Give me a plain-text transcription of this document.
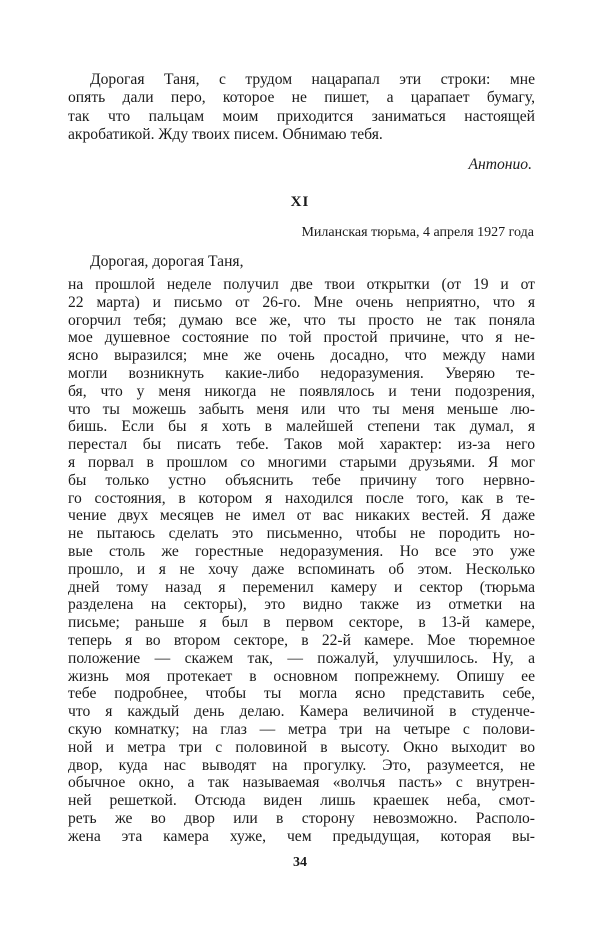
Дорогая Таня, с трудом нацарапал эти строки: мне
опять дали перо, которое не пишет, а царапает бумагу,
так что пальцам моим приходится заниматься настоящей
акробатикой. Жду твоих писем. Обнимаю тебя.
Антонио.
XI
Миланская тюрьма, 4 апреля 1927 года
Дорогая, дорогая Таня,
на прошлой неделе получил две твои открытки (от 19 и от
22 марта) и письмо от 26-го. Мне очень неприятно, что я
огорчил тебя; думаю все же, что ты просто не так поняла
мое душевное состояние по той простой причине, что я не-
ясно выразился; мне же очень досадно, что между нами
могли возникнуть какие-либо недоразумения. Уверяю те-
бя, что у меня никогда не появлялось и тени подозрения,
что ты можешь забыть меня или что ты меня меньше лю-
бишь. Если бы я хоть в малейшей степени так думал, я
перестал бы писать тебе. Таков мой характер: из-за него
я порвал в прошлом со многими старыми друзьями. Я мог
бы только устно объяснить тебе причину того нервно-
го состояния, в котором я находился после того, как в те-
чение двух месяцев не имел от вас никаких вестей. Я даже
не пытаюсь сделать это письменно, чтобы не породить но-
вые столь же горестные недоразумения. Но все это уже
прошло, и я не хочу даже вспоминать об этом. Несколько
дней тому назад я переменил камеру и сектор (тюрьма
разделена на секторы), это видно также из отметки на
письме; раньше я был в первом секторе, в 13-й камере,
теперь я во втором секторе, в 22-й камере. Мое тюремное
положение — скажем так, — пожалуй, улучшилось. Ну, а
жизнь моя протекает в основном попрежнему. Опишу ее
тебе подробнее, чтобы ты могла ясно представить себе,
что я каждый день делаю. Камера величиной в студенче-
скую комнатку; на глаз — метра три на четыре с полови-
ной и метра три с половиной в высоту. Окно выходит во
двор, куда нас выводят на прогулку. Это, разумеется, не
обычное окно, а так называемая «волчья пасть» с внутрен-
ней решеткой. Отсюда виден лишь краешек неба, смот-
реть же во двор или в сторону невозможно. Располо-
жена эта камера хуже, чем предыдущая, которая вы-
34
